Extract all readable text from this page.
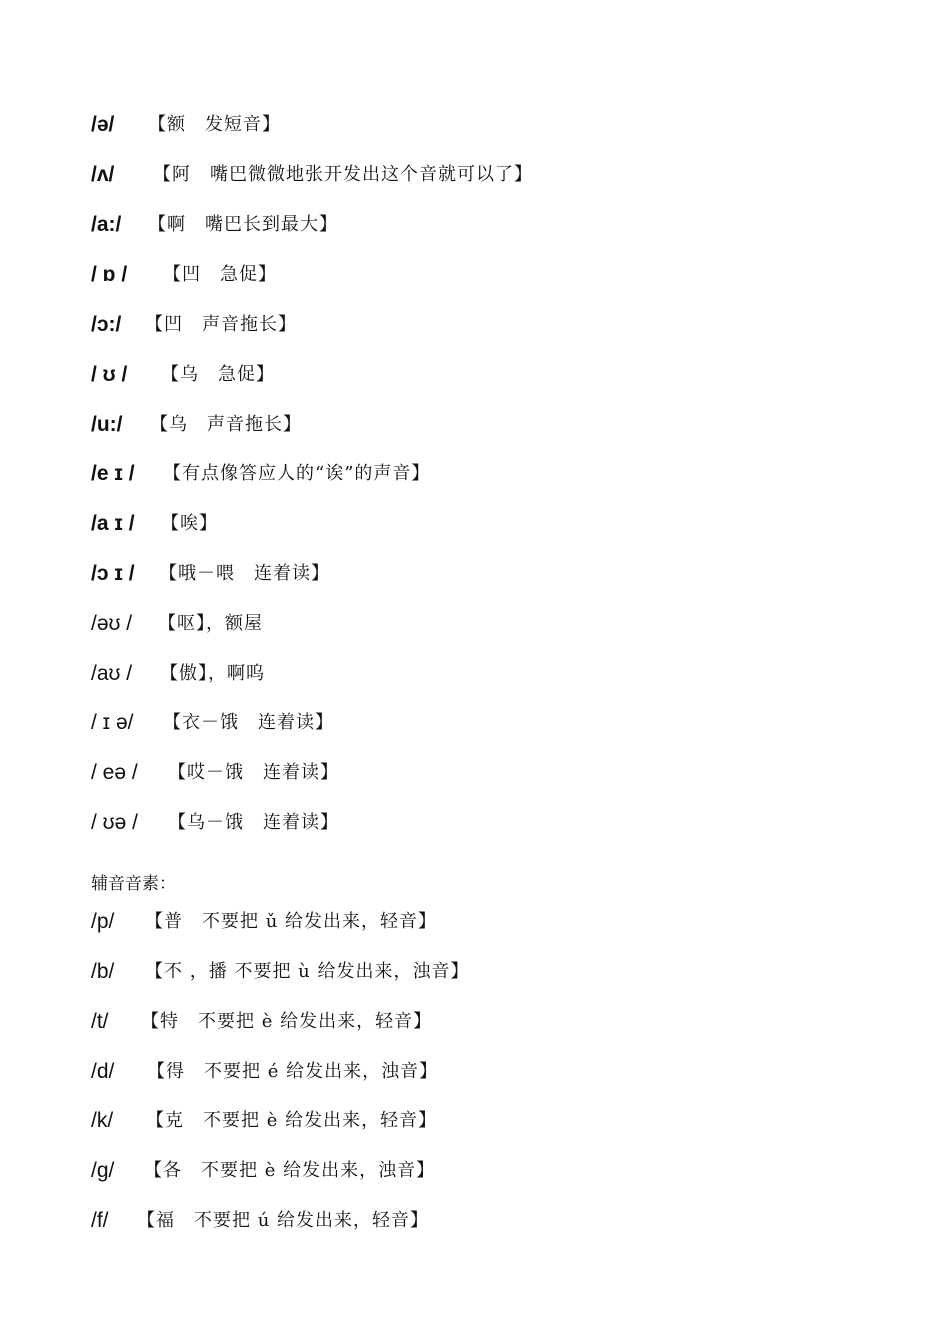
/ə/ 【额　发短音】
/ʌ/ 【阿　嘴巴微微地张开发出这个音就可以了】
/a:/ 【啊　嘴巴长到最大】
/ ɒ / 【凹　急促】
/ɔ:/ 【凹　声音拖长】
/ ʊ / 【乌　急促】
/u:/ 【乌　声音拖长】
/e ɪ / 【有点像答应人的“诶”的声音】
/a ɪ / 【唉】
/ɔ ɪ / 【哦－喂　连着读】
/əʊ / 【呕】，额屋
/aʊ / 【傲】，啊呜
/ ɪ ə/ 【衣－饿　连着读】
/ eə / 【哎－饿　连着读】
/ ʊə / 【乌－饿　连着读】
辅音音素：
/p/ 【普　不要把 ǔ 给发出来，轻音】
/b/ 【不 ，播 不要把 ù 给发出来，浊音】
/t/ 【特　不要把 è 给发出来，轻音】
/d/ 【得　不要把 é 给发出来，浊音】
/k/ 【克　不要把 è 给发出来，轻音】
/g/ 【各　不要把 è 给发出来，浊音】
/f/ 【福　不要把 ú 给发出来，轻音】
